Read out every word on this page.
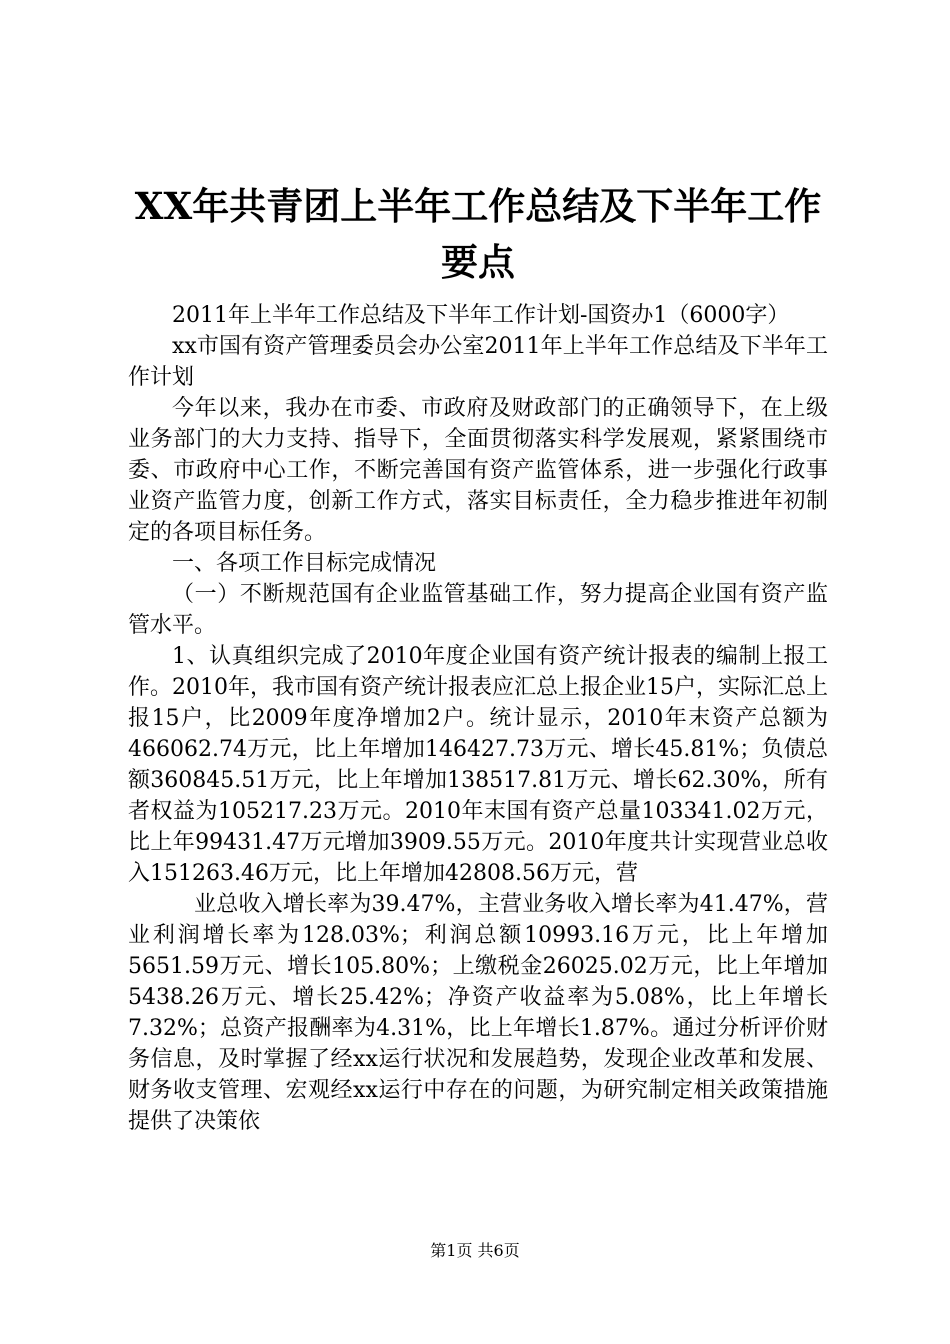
XX年共青团上半年工作总结及下半年工作要点

2011年上半年工作总结及下半年工作计划-国资办1（6000字）

xx市国有资产管理委员会办公室2011年上半年工作总结及下半年工作计划

今年以来，我办在市委、市政府及财政部门的正确领导下，在上级业务部门的大力支持、指导下，全面贯彻落实科学发展观，紧紧围绕市委、市政府中心工作，不断完善国有资产监管体系，进一步强化行政事业资产监管力度，创新工作方式，落实目标责任，全力稳步推进年初制定的各项目标任务。

一、各项工作目标完成情况

（一）不断规范国有企业监管基础工作，努力提高企业国有资产监管水平。

1、认真组织完成了2010年度企业国有资产统计报表的编制上报工作。2010年，我市国有资产统计报表应汇总上报企业15户，实际汇总上报15户，比2009年度净增加2户。统计显示，2010年末资产总额为466062.74万元，比上年增加146427.73万元、增长45.81%；负债总额360845.51万元，比上年增加138517.81万元、增长62.30%，所有者权益为105217.23万元。2010年末国有资产总量103341.02万元，比上年99431.47万元增加3909.55万元。2010年度共计实现营业总收入151263.46万元，比上年增加42808.56万元，营

业总收入增长率为39.47%，主营业务收入增长率为41.47%，营业利润增长率为128.03%；利润总额10993.16万元，比上年增加5651.59万元、增长105.80%；上缴税金26025.02万元，比上年增加5438.26万元、增长25.42%；净资产收益率为5.08%，比上年增长7.32%；总资产报酬率为4.31%，比上年增长1.87%。通过分析评价财务信息，及时掌握了经xx运行状况和发展趋势，发现企业改革和发展、财务收支管理、宏观经xx运行中存在的问题，为研究制定相关政策措施提供了决策依

第1页 共6页
